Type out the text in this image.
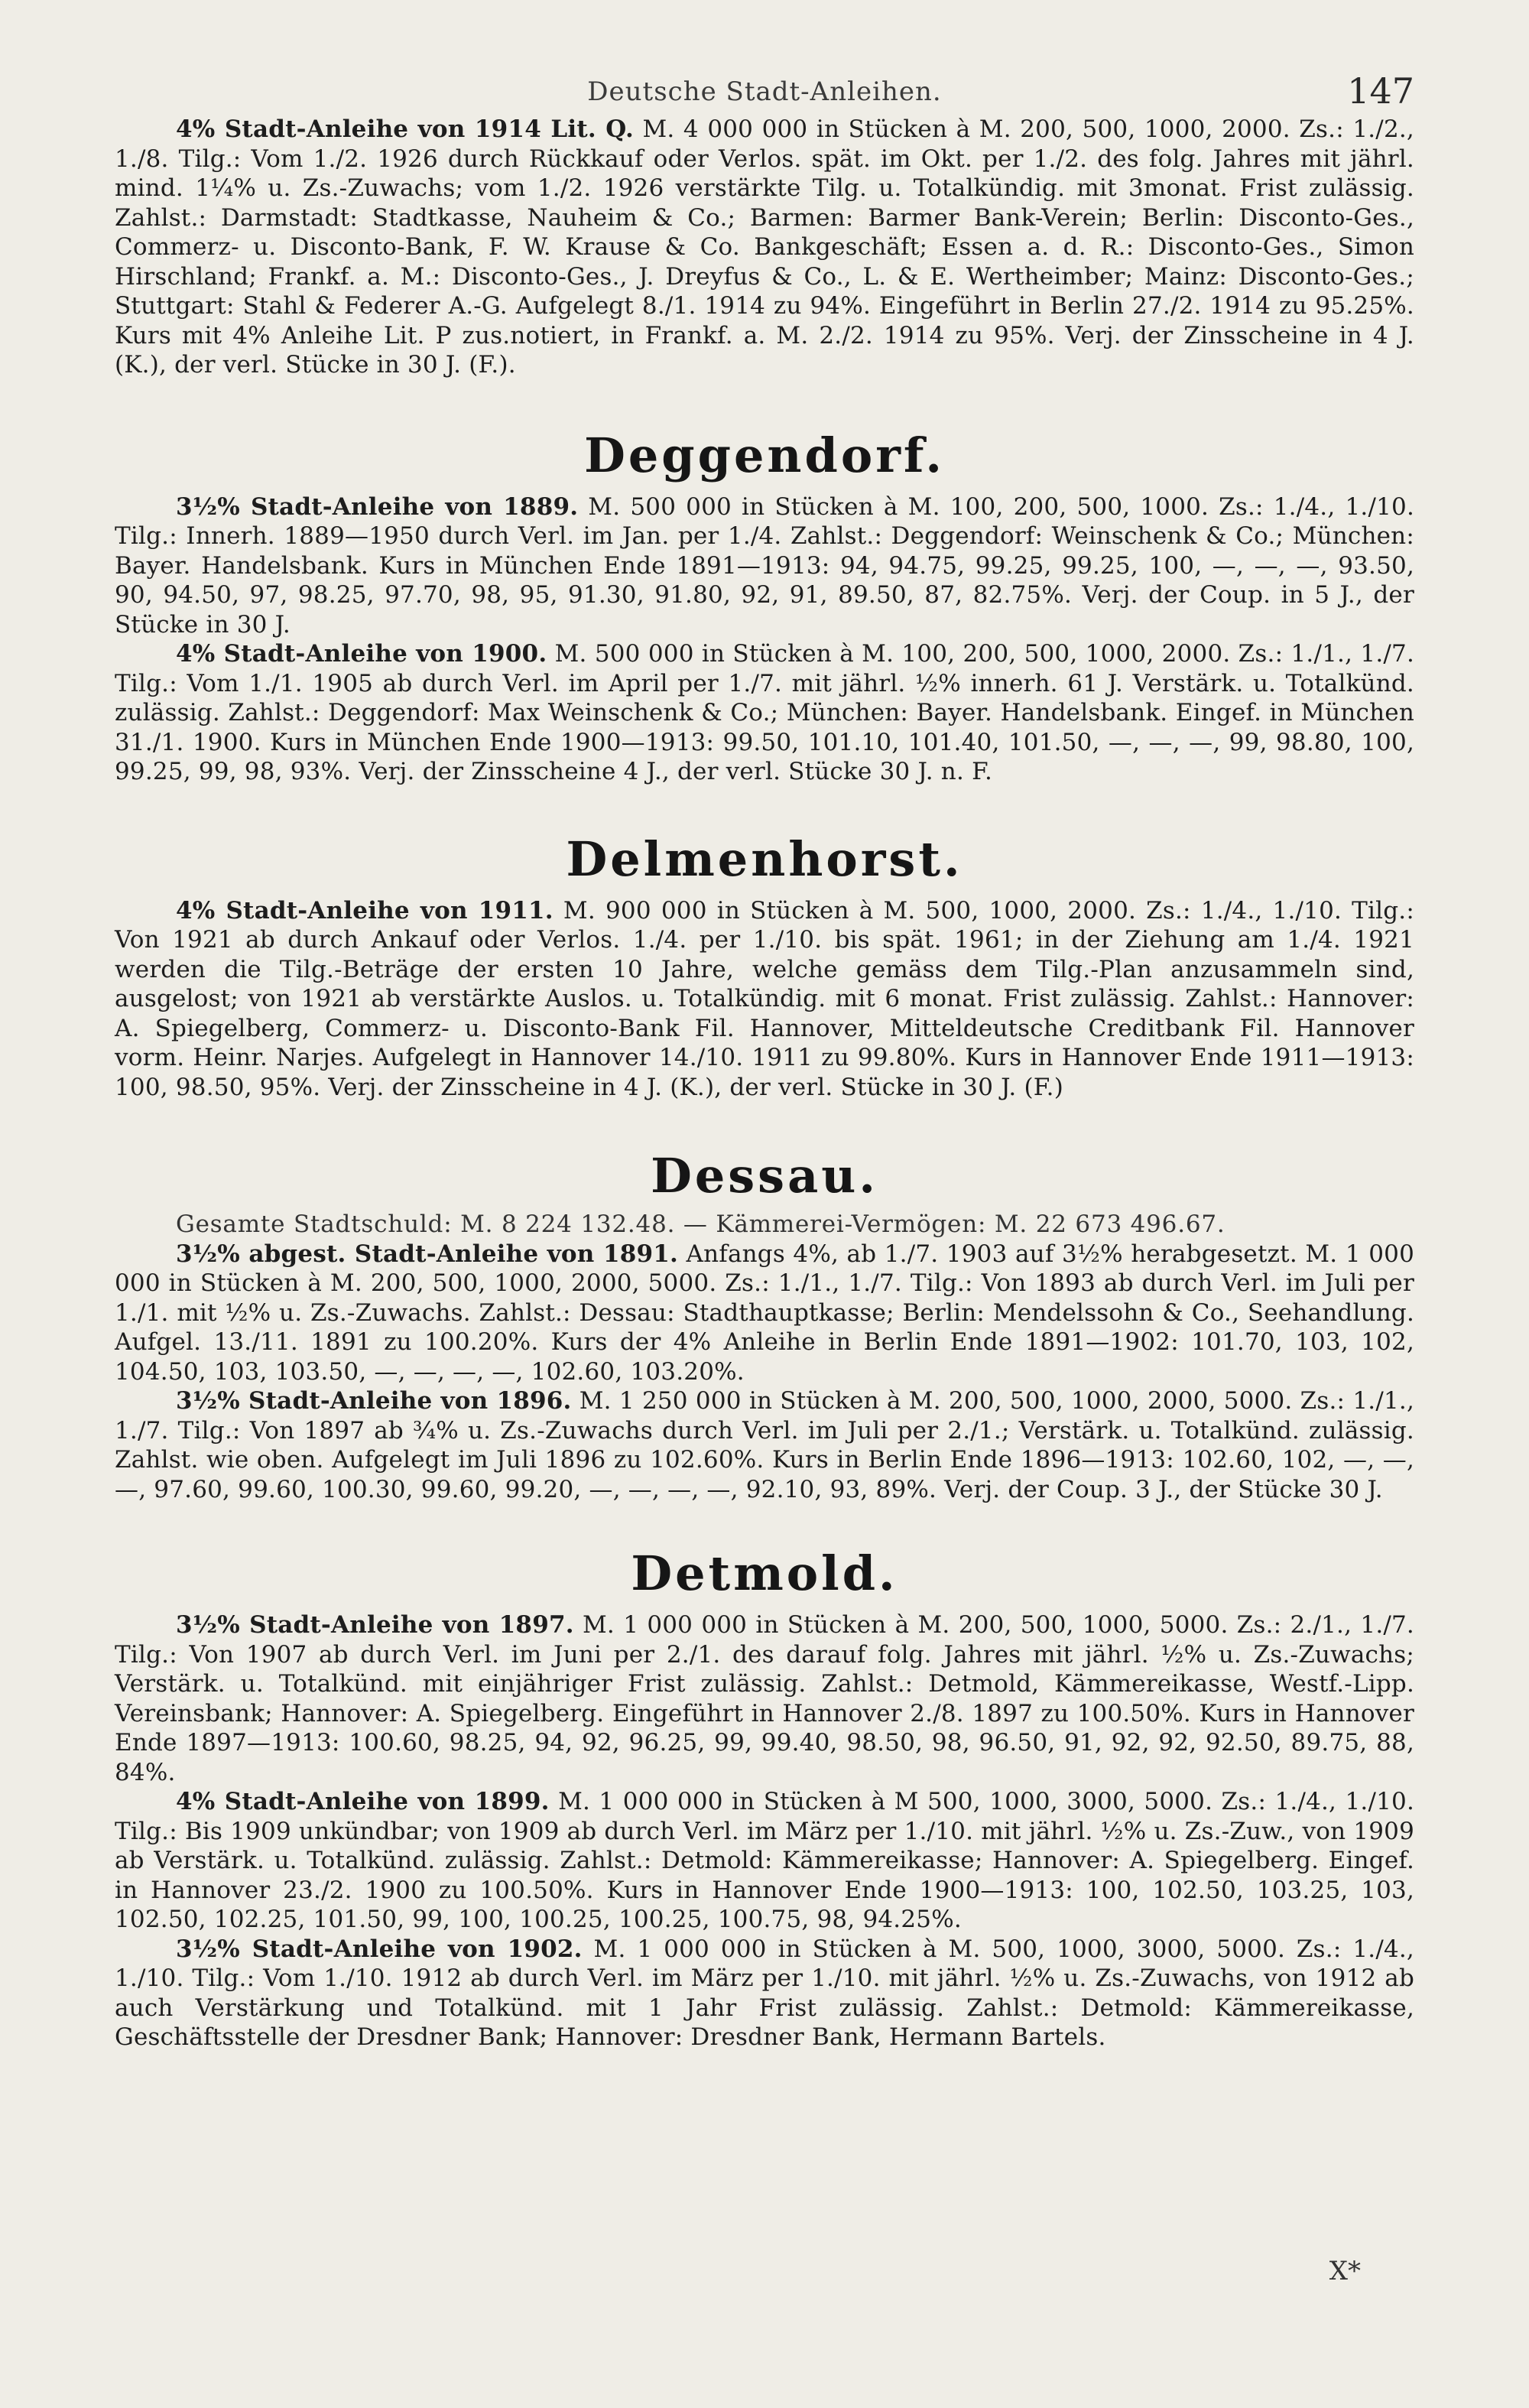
Deutsche Stadt-Anleihen.	147

4% Stadt-Anleihe von 1914 Lit. Q. M. 4 000 000 in Stücken à M. 200, 500, 1000, 2000. Zs.: 1./2., 1./8. Tilg.: Vom 1./2. 1926 durch Rückkauf oder Verlos. spät. im Okt. per 1./2. des folg. Jahres mit jährl. mind. 1¼% u. Zs.-Zuwachs; vom 1./2. 1926 verstärkte Tilg. u. Totalkündig. mit 3monat. Frist zulässig. Zahlst.: Darmstadt: Stadtkasse, Nauheim & Co.; Barmen: Barmer Bank-Verein; Berlin: Disconto-Ges., Commerz- u. Disconto-Bank, F. W. Krause & Co. Bankgeschäft; Essen a. d. R.: Disconto-Ges., Simon Hirschland; Frankf. a. M.: Disconto-Ges., J. Dreyfus & Co., L. & E. Wertheimber; Mainz: Disconto-Ges.; Stuttgart: Stahl & Federer A.-G. Aufgelegt 8./1. 1914 zu 94%. Eingeführt in Berlin 27./2. 1914 zu 95.25%. Kurs mit 4% Anleihe Lit. P zus.notiert, in Frankf. a. M. 2./2. 1914 zu 95%. Verj. der Zinsscheine in 4 J. (K.), der verl. Stücke in 30 J. (F.).

Deggendorf.

3½% Stadt-Anleihe von 1889. M. 500 000 in Stücken à M. 100, 200, 500, 1000. Zs.: 1./4., 1./10. Tilg.: Innerh. 1889—1950 durch Verl. im Jan. per 1./4. Zahlst.: Deggendorf: Weinschenk & Co.; München: Bayer. Handelsbank. Kurs in München Ende 1891—1913: 94, 94.75, 99.25, 99.25, 100, —, —, —, 93.50, 90, 94.50, 97, 98.25, 97.70, 98, 95, 91.30, 91.80, 92, 91, 89.50, 87, 82.75%. Verj. der Coup. in 5 J., der Stücke in 30 J.

4% Stadt-Anleihe von 1900. M. 500 000 in Stücken à M. 100, 200, 500, 1000, 2000. Zs.: 1./1., 1./7. Tilg.: Vom 1./1. 1905 ab durch Verl. im April per 1./7. mit jährl. ½% innerh. 61 J. Verstärk. u. Totalkünd. zulässig. Zahlst.: Deggendorf: Max Weinschenk & Co.; München: Bayer. Handelsbank. Eingef. in München 31./1. 1900. Kurs in München Ende 1900—1913: 99.50, 101.10, 101.40, 101.50, —, —, —, 99, 98.80, 100, 99.25, 99, 98, 93%. Verj. der Zinsscheine 4 J., der verl. Stücke 30 J. n. F.

Delmenhorst.

4% Stadt-Anleihe von 1911. M. 900 000 in Stücken à M. 500, 1000, 2000. Zs.: 1./4., 1./10. Tilg.: Von 1921 ab durch Ankauf oder Verlos. 1./4. per 1./10. bis spät. 1961; in der Ziehung am 1./4. 1921 werden die Tilg.-Beträge der ersten 10 Jahre, welche gemäss dem Tilg.-Plan anzusammeln sind, ausgelost; von 1921 ab verstärkte Auslos. u. Totalkündig. mit 6 monat. Frist zulässig. Zahlst.: Hannover: A. Spiegelberg, Commerz- u. Disconto-Bank Fil. Hannover, Mitteldeutsche Creditbank Fil. Hannover vorm. Heinr. Narjes. Aufgelegt in Hannover 14./10. 1911 zu 99.80%. Kurs in Hannover Ende 1911—1913: 100, 98.50, 95%. Verj. der Zinsscheine in 4 J. (K.), der verl. Stücke in 30 J. (F.)

Dessau.

Gesamte Stadtschuld: M. 8 224 132.48. — Kämmerei-Vermögen: M. 22 673 496.67.

3½% abgest. Stadt-Anleihe von 1891. Anfangs 4%, ab 1./7. 1903 auf 3½% herabgesetzt. M. 1 000 000 in Stücken à M. 200, 500, 1000, 2000, 5000. Zs.: 1./1., 1./7. Tilg.: Von 1893 ab durch Verl. im Juli per 1./1. mit ½% u. Zs.-Zuwachs. Zahlst.: Dessau: Stadthauptkasse; Berlin: Mendelssohn & Co., Seehandlung. Aufgel. 13./11. 1891 zu 100.20%. Kurs der 4% Anleihe in Berlin Ende 1891—1902: 101.70, 103, 102, 104.50, 103, 103.50, —, —, —, —, 102.60, 103.20%.

3½% Stadt-Anleihe von 1896. M. 1 250 000 in Stücken à M. 200, 500, 1000, 2000, 5000. Zs.: 1./1., 1./7. Tilg.: Von 1897 ab ¾% u. Zs.-Zuwachs durch Verl. im Juli per 2./1.; Verstärk. u. Totalkünd. zulässig. Zahlst. wie oben. Aufgelegt im Juli 1896 zu 102.60%. Kurs in Berlin Ende 1896—1913: 102.60, 102, —, —, —, 97.60, 99.60, 100.30, 99.60, 99.20, —, —, —, —, 92.10, 93, 89%. Verj. der Coup. 3 J., der Stücke 30 J.

Detmold.

3½% Stadt-Anleihe von 1897. M. 1 000 000 in Stücken à M. 200, 500, 1000, 5000. Zs.: 2./1., 1./7. Tilg.: Von 1907 ab durch Verl. im Juni per 2./1. des darauf folg. Jahres mit jährl. ½% u. Zs.-Zuwachs; Verstärk. u. Totalkünd. mit einjähriger Frist zulässig. Zahlst.: Detmold, Kämmereikasse, Westf.-Lipp. Vereinsbank; Hannover: A. Spiegelberg. Eingeführt in Hannover 2./8. 1897 zu 100.50%. Kurs in Hannover Ende 1897—1913: 100.60, 98.25, 94, 92, 96.25, 99, 99.40, 98.50, 98, 96.50, 91, 92, 92, 92.50, 89.75, 88, 84%.

4% Stadt-Anleihe von 1899. M. 1 000 000 in Stücken à M 500, 1000, 3000, 5000. Zs.: 1./4., 1./10. Tilg.: Bis 1909 unkündbar; von 1909 ab durch Verl. im März per 1./10. mit jährl. ½% u. Zs.-Zuw., von 1909 ab Verstärk. u. Totalkünd. zulässig. Zahlst.: Detmold: Kämmereikasse; Hannover: A. Spiegelberg. Eingef. in Hannover 23./2. 1900 zu 100.50%. Kurs in Hannover Ende 1900—1913: 100, 102.50, 103.25, 103, 102.50, 102.25, 101.50, 99, 100, 100.25, 100.25, 100.75, 98, 94.25%.

3½% Stadt-Anleihe von 1902. M. 1 000 000 in Stücken à M. 500, 1000, 3000, 5000. Zs.: 1./4., 1./10. Tilg.: Vom 1./10. 1912 ab durch Verl. im März per 1./10. mit jährl. ½% u. Zs.-Zuwachs, von 1912 ab auch Verstärkung und Totalkünd. mit 1 Jahr Frist zulässig. Zahlst.: Detmold: Kämmereikasse, Geschäftsstelle der Dresdner Bank; Hannover: Dresdner Bank, Hermann Bartels.

X*
